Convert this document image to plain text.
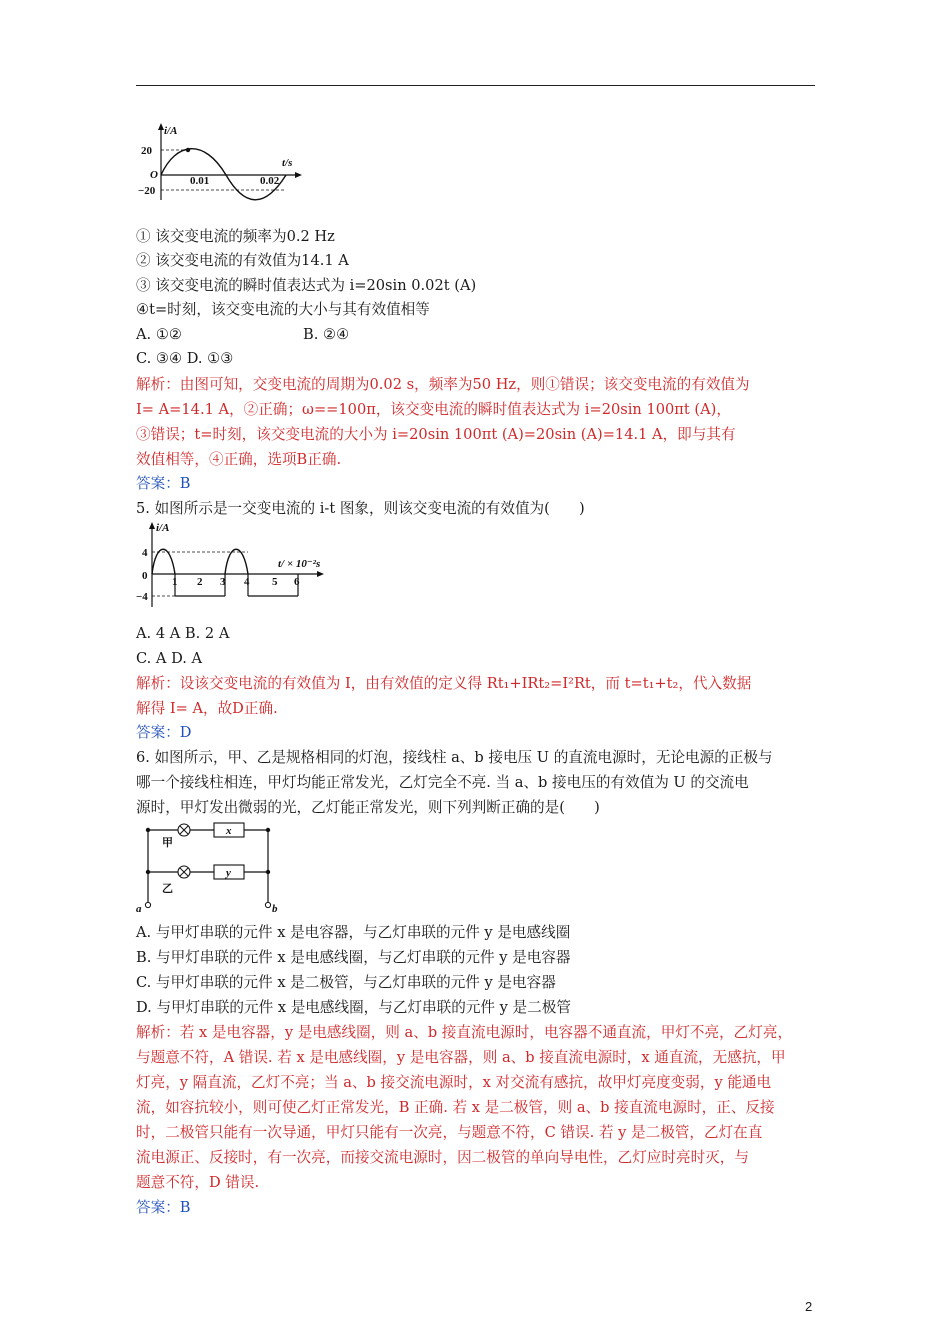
i/A
t/s
20
O
−20
0.01	0.02
① 该交变电流的频率为0.2 Hz
② 该交变电流的有效值为14.1 A
③ 该交变电流的瞬时值表达式为 i=20sin 0.02t (A)
④t=时刻，该交变电流的大小与其有效值相等
A. ①②	B. ②④
C. ③④ D. ①③
解析：由图可知，交变电流的周期为0.02 s，频率为50 Hz，则①错误；该交变电流的有效值为
I= A=14.1 A，②正确；ω==100π，该交变电流的瞬时值表达式为 i=20sin 100πt (A)，
③错误；t=时刻，该交变电流的大小为 i=20sin 100πt (A)=20sin (A)=14.1 A，即与其有
效值相等，④正确，选项B正确.
答案：B
5. 如图所示是一交变电流的 i-t 图象，则该交变电流的有效值为(　　)
i/A
t/ × 10⁻²s
4
0
−4
1 2 3 4 5 6
A. 4 A B. 2 A
C. A D. A
解析：设该交变电流的有效值为 I，由有效值的定义得 Rt₁+IRt₂=I²Rt，而 t=t₁+t₂，代入数据
解得 I= A，故D正确.
答案：D
6. 如图所示，甲、乙是规格相同的灯泡，接线柱 a、b 接电压 U 的直流电源时，无论电源的正极与
哪一个接线柱相连，甲灯均能正常发光，乙灯完全不亮. 当 a、b 接电压的有效值为 U 的交流电
源时，甲灯发出微弱的光，乙灯能正常发光，则下列判断正确的是(　　)
甲
乙
x
y
a	b
A. 与甲灯串联的元件 x 是电容器，与乙灯串联的元件 y 是电感线圈
B. 与甲灯串联的元件 x 是电感线圈，与乙灯串联的元件 y 是电容器
C. 与甲灯串联的元件 x 是二极管，与乙灯串联的元件 y 是电容器
D. 与甲灯串联的元件 x 是电感线圈，与乙灯串联的元件 y 是二极管
解析：若 x 是电容器，y 是电感线圈，则 a、b 接直流电源时，电容器不通直流，甲灯不亮，乙灯亮，
与题意不符，A 错误. 若 x 是电感线圈，y 是电容器，则 a、b 接直流电源时，x 通直流，无感抗，甲
灯亮，y 隔直流，乙灯不亮；当 a、b 接交流电源时，x 对交流有感抗，故甲灯亮度变弱，y 能通电
流，如容抗较小，则可使乙灯正常发光，B 正确. 若 x 是二极管，则 a、b 接直流电源时，正、反接
时，二极管只能有一次导通，甲灯只能有一次亮，与题意不符，C 错误. 若 y 是二极管，乙灯在直
流电源正、反接时，有一次亮，而接交流电源时，因二极管的单向导电性，乙灯应时亮时灭，与
题意不符，D 错误.
答案：B
2
